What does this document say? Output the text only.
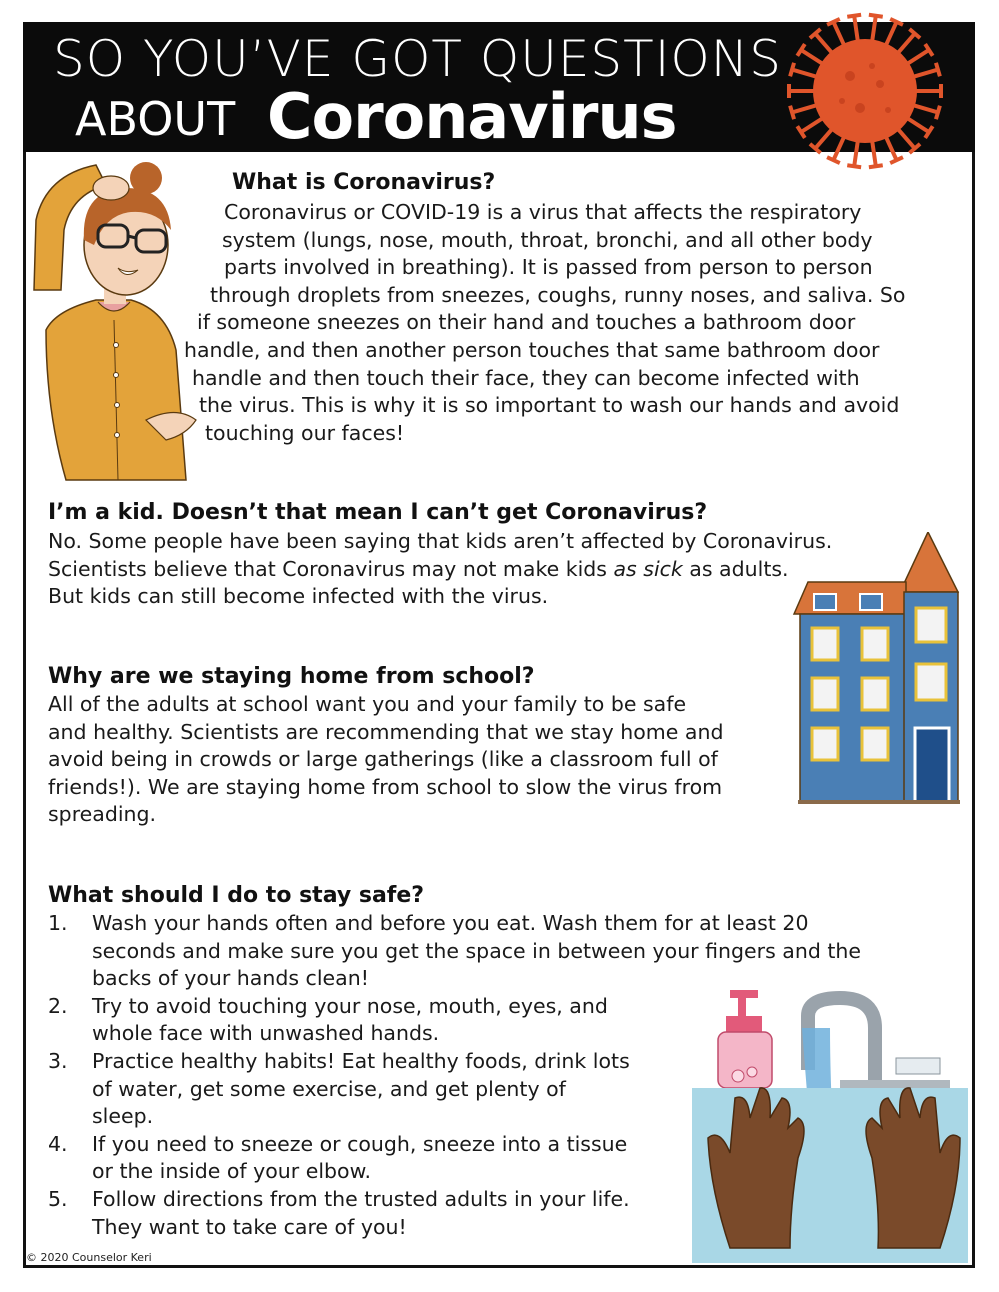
SO YOU’VE GOT QUESTIONS
ABOUT Coronavirus
What is Coronavirus?
Coronavirus or COVID-19 is a virus that affects the respiratory
system (lungs, nose, mouth, throat, bronchi, and all other body
parts involved in breathing). It is passed from person to person
through droplets from sneezes, coughs, runny noses, and saliva. So
if someone sneezes on their hand and touches a bathroom door
handle, and then another person touches that same bathroom door
handle and then touch their face, they can become infected with
the virus. This is why it is so important to wash our hands and avoid
touching our faces!
I’m a kid. Doesn’t that mean I can’t get Coronavirus?
No. Some people have been saying that kids aren’t affected by Coronavirus.
Scientists believe that Coronavirus may not make kids as sick as adults.
But kids can still become infected with the virus.
Why are we staying home from school?
All of the adults at school want you and your family to be safe
and healthy. Scientists are recommending that we stay home and
avoid being in crowds or large gatherings (like a classroom full of
friends!). We are staying home from school to slow the virus from
spreading.
What should I do to stay safe?
1. Wash your hands often and before you eat. Wash them for at least 20
seconds and make sure you get the space in between your fingers and the
backs of your hands clean!
2. Try to avoid touching your nose, mouth, eyes, and
whole face with unwashed hands.
3. Practice healthy habits! Eat healthy foods, drink lots
of water, get some exercise, and get plenty of
sleep.
4. If you need to sneeze or cough, sneeze into a tissue
or the inside of your elbow.
5. Follow directions from the trusted adults in your life.
They want to take care of you!
© 2020 Counselor Keri
